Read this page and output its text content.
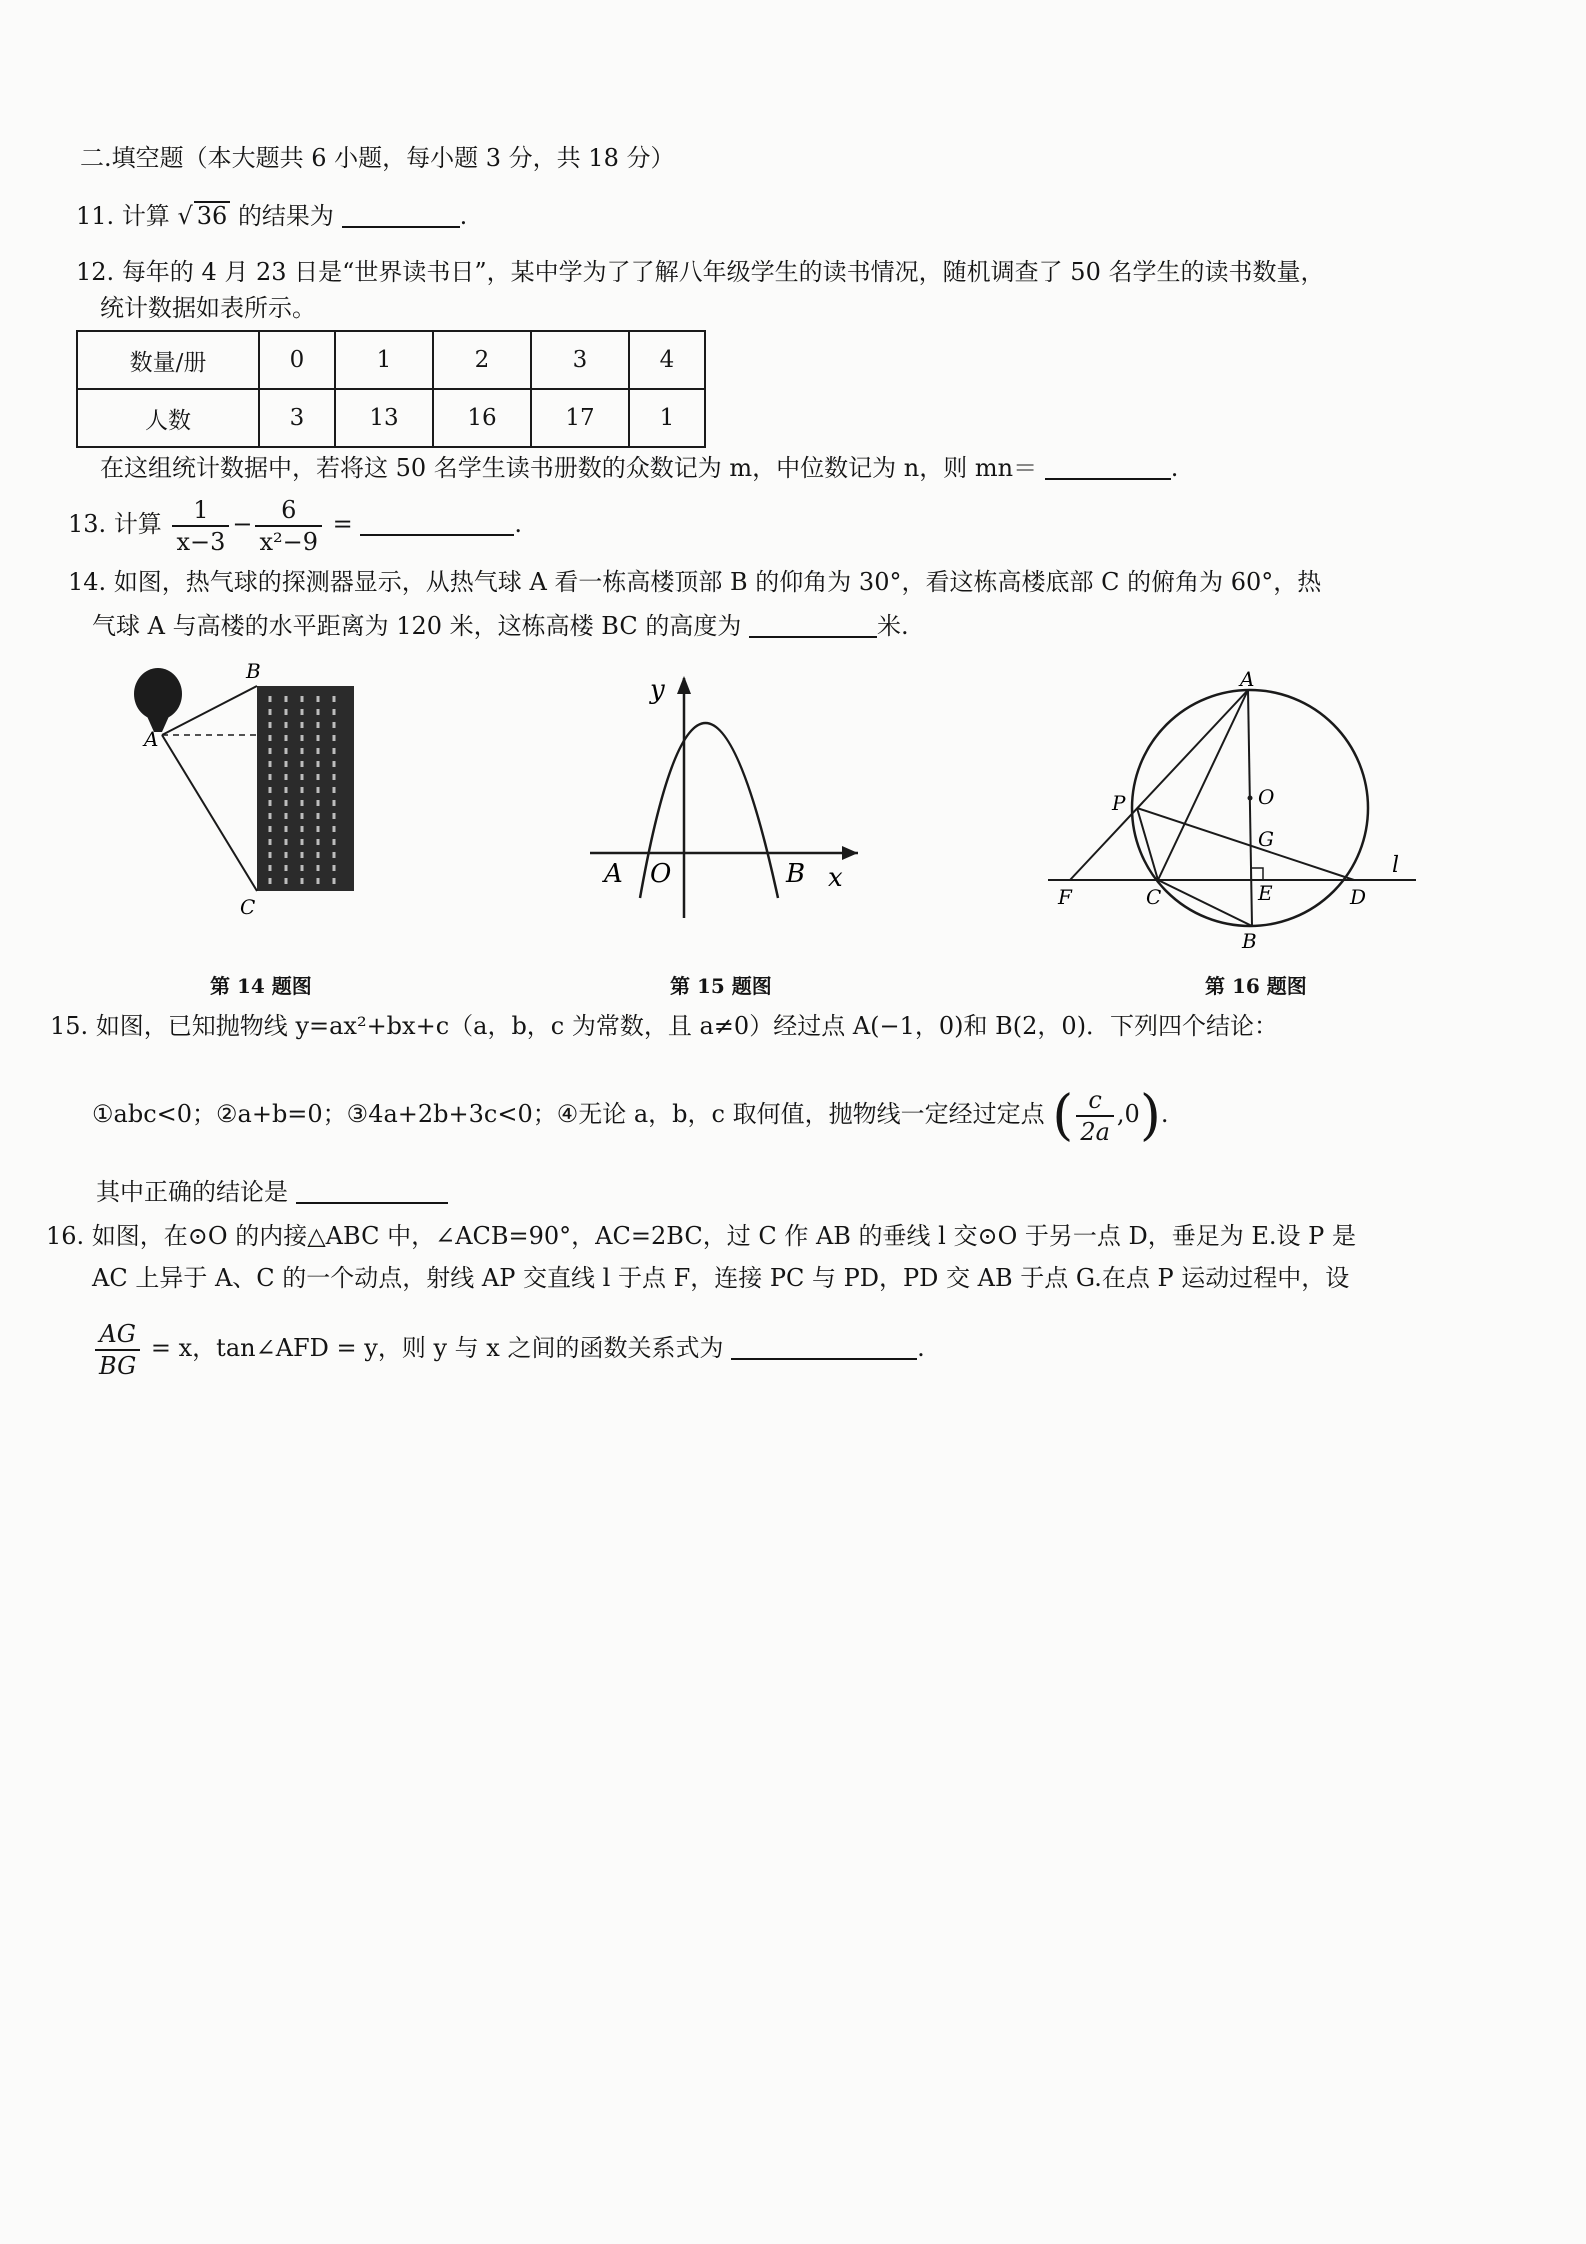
二.填空题（本大题共 6 小题，每小题 3 分，共 18 分）
11. 计算 √ 36 的结果为	.
12. 每年的 4 月 23 日是“世界读书日”，某中学为了了解八年级学生的读书情况，随机调查了 50 名学生的读书数量，
统计数据如表所示。
数量/册	0	1	2	3	4
人数	3	13	16	17	1
在这组统计数据中，若将这 50 名学生读书册数的众数记为 m，中位数记为 n，则 mn＝	.
13. 计算 $\frac{1}{x-3} - \frac{6}{\text{x²−9}}$ =	.
14. 如图，热气球的探测器显示，从热气球 A 看一栋高楼顶部 B 的仰角为 30°，看这栋高楼底部 C 的俯角为 60°，热
气球 A 与高楼的水平距离为 120 米，这栋高楼 BC 的高度为	米.
A
B
C
第 14 题图
y
x
A O	B
第 15 题图
A
O
P
G
l
F	C	E	D
B
第 16 题图
15. 如图，已知抛物线 y=ax²+bx+c（a，b，c 为常数，且 a≠0）经过点 A(−1，0)和 B(2，0)．下列四个结论：
①abc<0；②a+b=0；③4a+2b+3c<0；④无论 a，b，c 取何值，抛物线一定经过定点 ( $\frac{c}{2a} ,0$).
其中正确的结论是
16. 如图，在⊙O 的内接△ABC 中，∠ACB=90°，AC=2BC，过 C 作 AB 的垂线 l 交⊙O 于另一点 D，垂足为 E.设 P 是
AC 上异于 A、C 的一个动点，射线 AP 交直线 l 于点 F，连接 PC 与 PD，PD 交 AB 于点 G.在点 P 运动过程中，设
$\frac{AG}{BG} = x$，tan∠AFD = y，则 y 与 x 之间的函数关系式为	.
